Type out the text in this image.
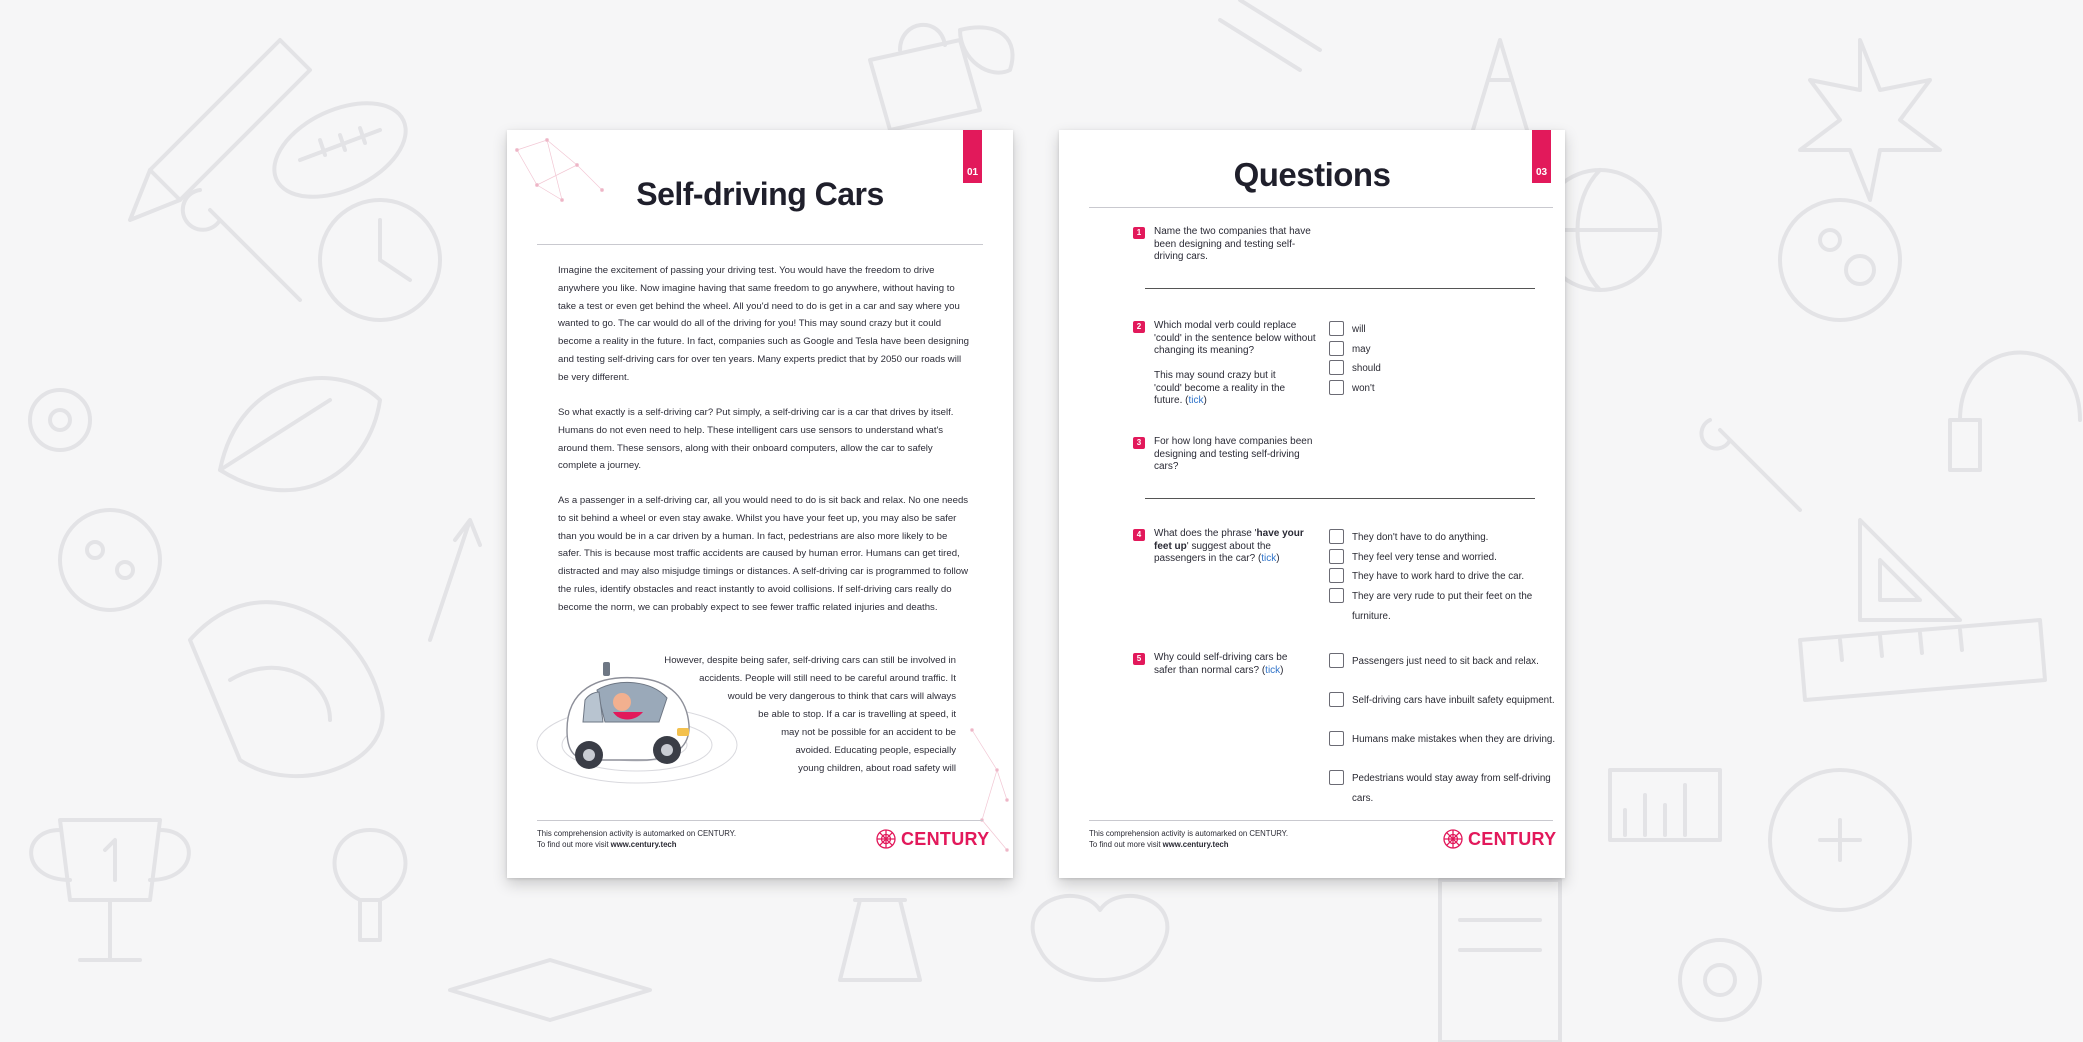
01
Self-driving Cars

Imagine the excitement of passing your driving test. You would have the freedom to drive anywhere you like. Now imagine having that same freedom to go anywhere, without having to take a test or even get behind the wheel. All you'd need to do is get in a car and say where you wanted to go. The car would do all of the driving for you! This may sound crazy but it could become a reality in the future. In fact, companies such as Google and Tesla have been designing and testing self-driving cars for over ten years. Many experts predict that by 2050 our roads will be very different.

So what exactly is a self-driving car? Put simply, a self-driving car is a car that drives by itself. Humans do not even need to help. These intelligent cars use sensors to understand what's around them. These sensors, along with their onboard computers, allow the car to safely complete a journey.

As a passenger in a self-driving car, all you would need to do is sit back and relax. No one needs to sit behind a wheel or even stay awake. Whilst you have your feet up, you may also be safer than you would be in a car driven by a human. In fact, pedestrians are also more likely to be safer. This is because most traffic accidents are caused by human error. Humans can get tired, distracted and may also misjudge timings or distances. A self-driving car is programmed to follow the rules, identify obstacles and react instantly to avoid collisions. If self-driving cars really do become the norm, we can probably expect to see fewer traffic related injuries and deaths.

However, despite being safer, self-driving cars can still be involved in
accidents. People will still need to be careful around traffic. It
would be very dangerous to think that cars will always
be able to stop. If a car is travelling at speed, it
may not be possible for an accident to be
avoided. Educating people, especially
young children, about road safety will
This comprehension activity is automarked on CENTURY.
To find out more visit www.century.tech	CENTURY
03
Questions
1	Name the two companies that have been designing and testing self-driving cars.
2	Which modal verb could replace 'could' in the sentence below without changing its meaning?
This may sound crazy but it 'could' become a reality in the future. (tick)
will
may
should
won't
3	For how long have companies been designing and testing self-driving cars?
4	What does the phrase 'have your feet up' suggest about the passengers in the car? (tick)
They don't have to do anything.
They feel very tense and worried.
They have to work hard to drive the car.
They are very rude to put their feet on the furniture.
5	Why could self-driving cars be safer than normal cars? (tick)
Passengers just need to sit back and relax.
Self-driving cars have inbuilt safety equipment.
Humans make mistakes when they are driving.
Pedestrians would stay away from self-driving cars.
This comprehension activity is automarked on CENTURY.
To find out more visit www.century.tech	CENTURY
